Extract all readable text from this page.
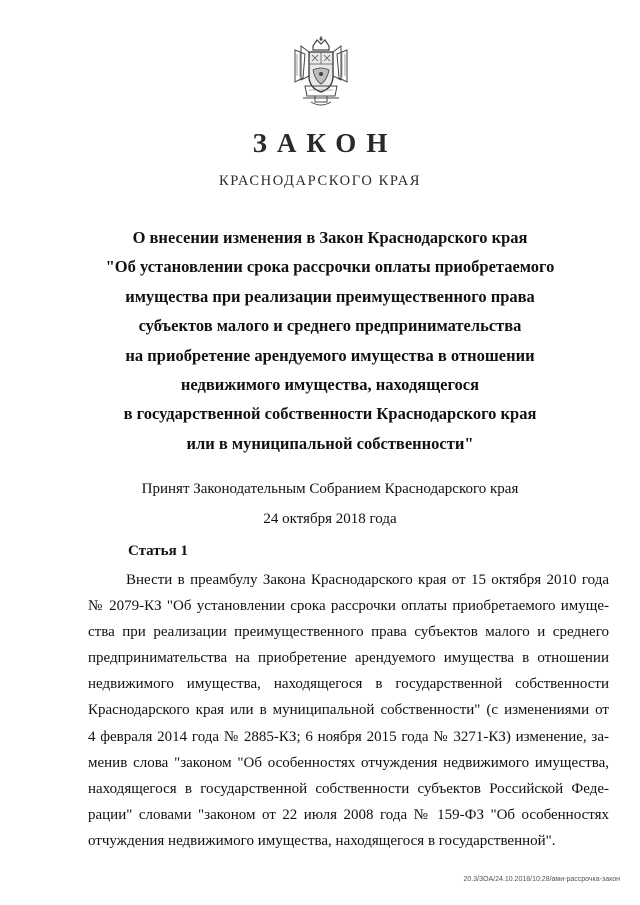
ЗАКОН
КРАСНОДАРСКОГО КРАЯ
О внесении изменения в Закон Краснодарского края
"Об установлении срока рассрочки оплаты приобретаемого
имущества при реализации преимущественного права
субъектов малого и среднего предпринимательства
на приобретение арендуемого имущества в отношении
недвижимого имущества, находящегося
в государственной собственности Краснодарского края
или в муниципальной собственности"
Принят Законодательным Собранием Краснодарского края
24 октября 2018 года
Статья 1
Внести в преамбулу Закона Краснодарского края от 15 октября 2010 года
№ 2079-КЗ "Об установлении срока рассрочки оплаты приобретаемого имуще-
ства при реализации преимущественного права субъектов малого и среднего
предпринимательства на приобретение арендуемого имущества в отношении
недвижимого имущества, находящегося в государственной собственности
Краснодарского края или в муниципальной собственности" (с изменениями от
4 февраля 2014 года № 2885-КЗ; 6 ноября 2015 года № 3271-КЗ) изменение, за-
менив слова "законом "Об особенностях отчуждения недвижимого имущества,
находящегося в государственной собственности субъектов Российской Феде-
рации" словами "законом от 22 июля 2008 года № 159-ФЗ "Об особенностях
отчуждения недвижимого имущества, находящегося в государственной".
20.3/ЗОА/24.10.2018/10:28/ами-рассрочка-закон
